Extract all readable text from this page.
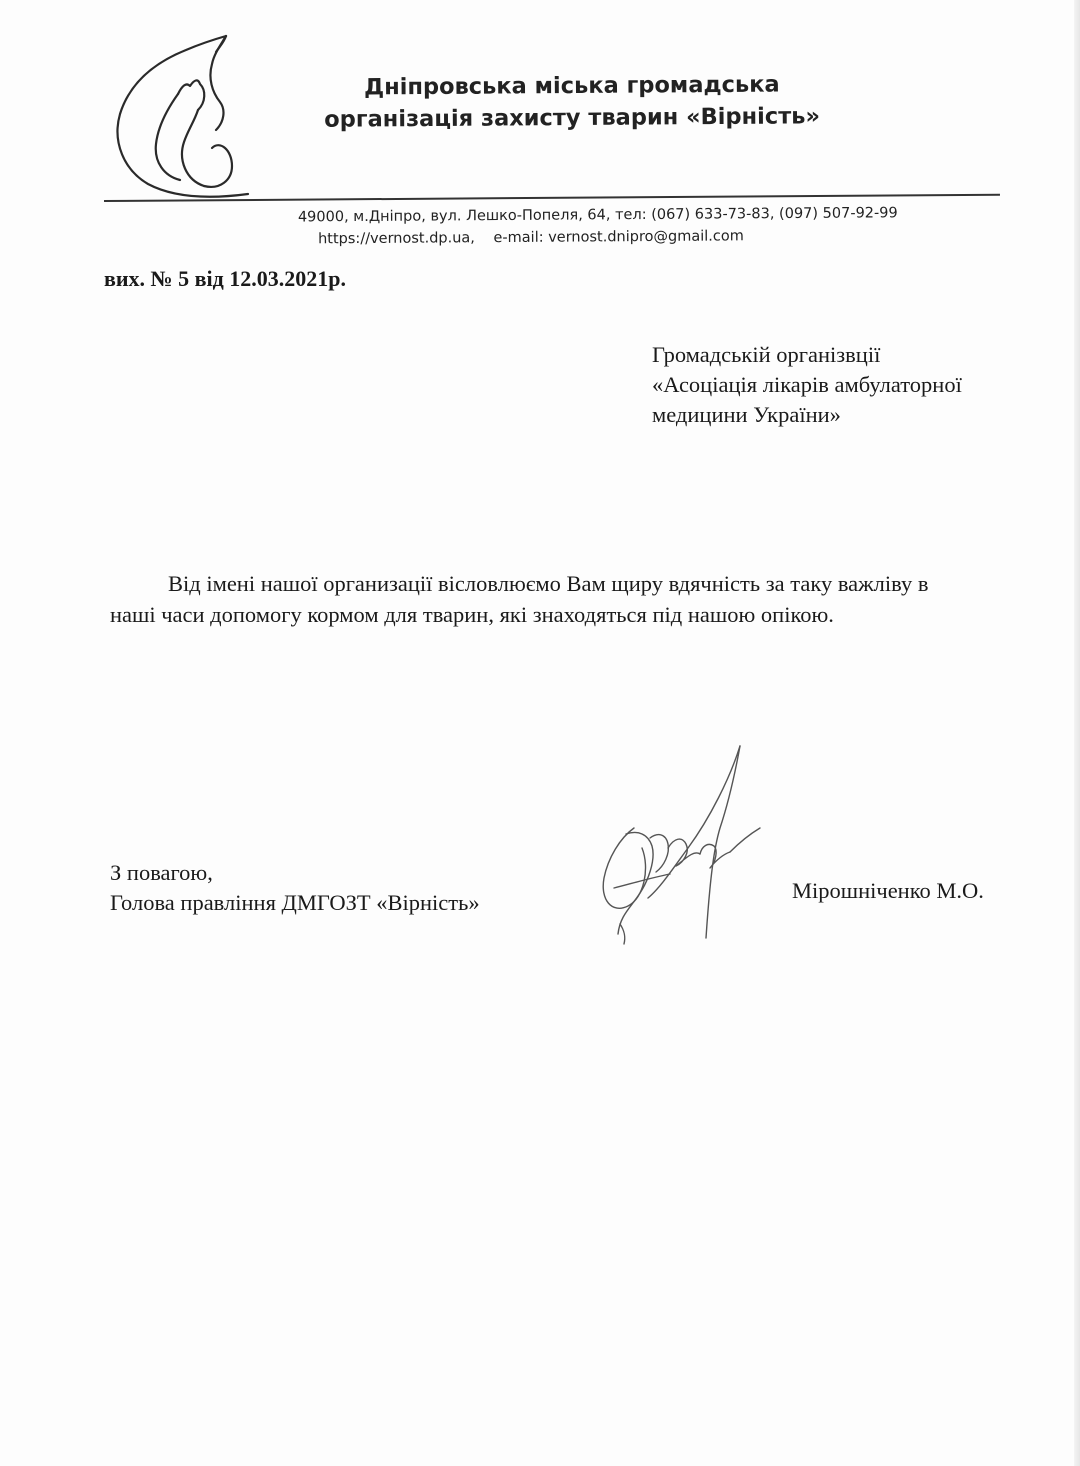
Дніпровська міська громадська
організація захисту тварин «Вірність»
49000, м.Дніпро, вул. Лешко-Попеля, 64, тел: (067) 633-73-83, (097) 507-92-99
https://vernost.dp.ua, e-mail: vernost.dnipro@gmail.com
вих. № 5 від 12.03.2021р.
Громадській організвції
«Асоціація лікарів амбулаторної
медицини України»
Від імені нашої организації вісловлюємо Вам щиру вдячність за таку важліву в
наші часи допомогу кормом для тварин, які знаходяться під нашою опікою.
З повагою,
Голова правління ДМГОЗТ «Вірність»	Мірошніченко М.О.
